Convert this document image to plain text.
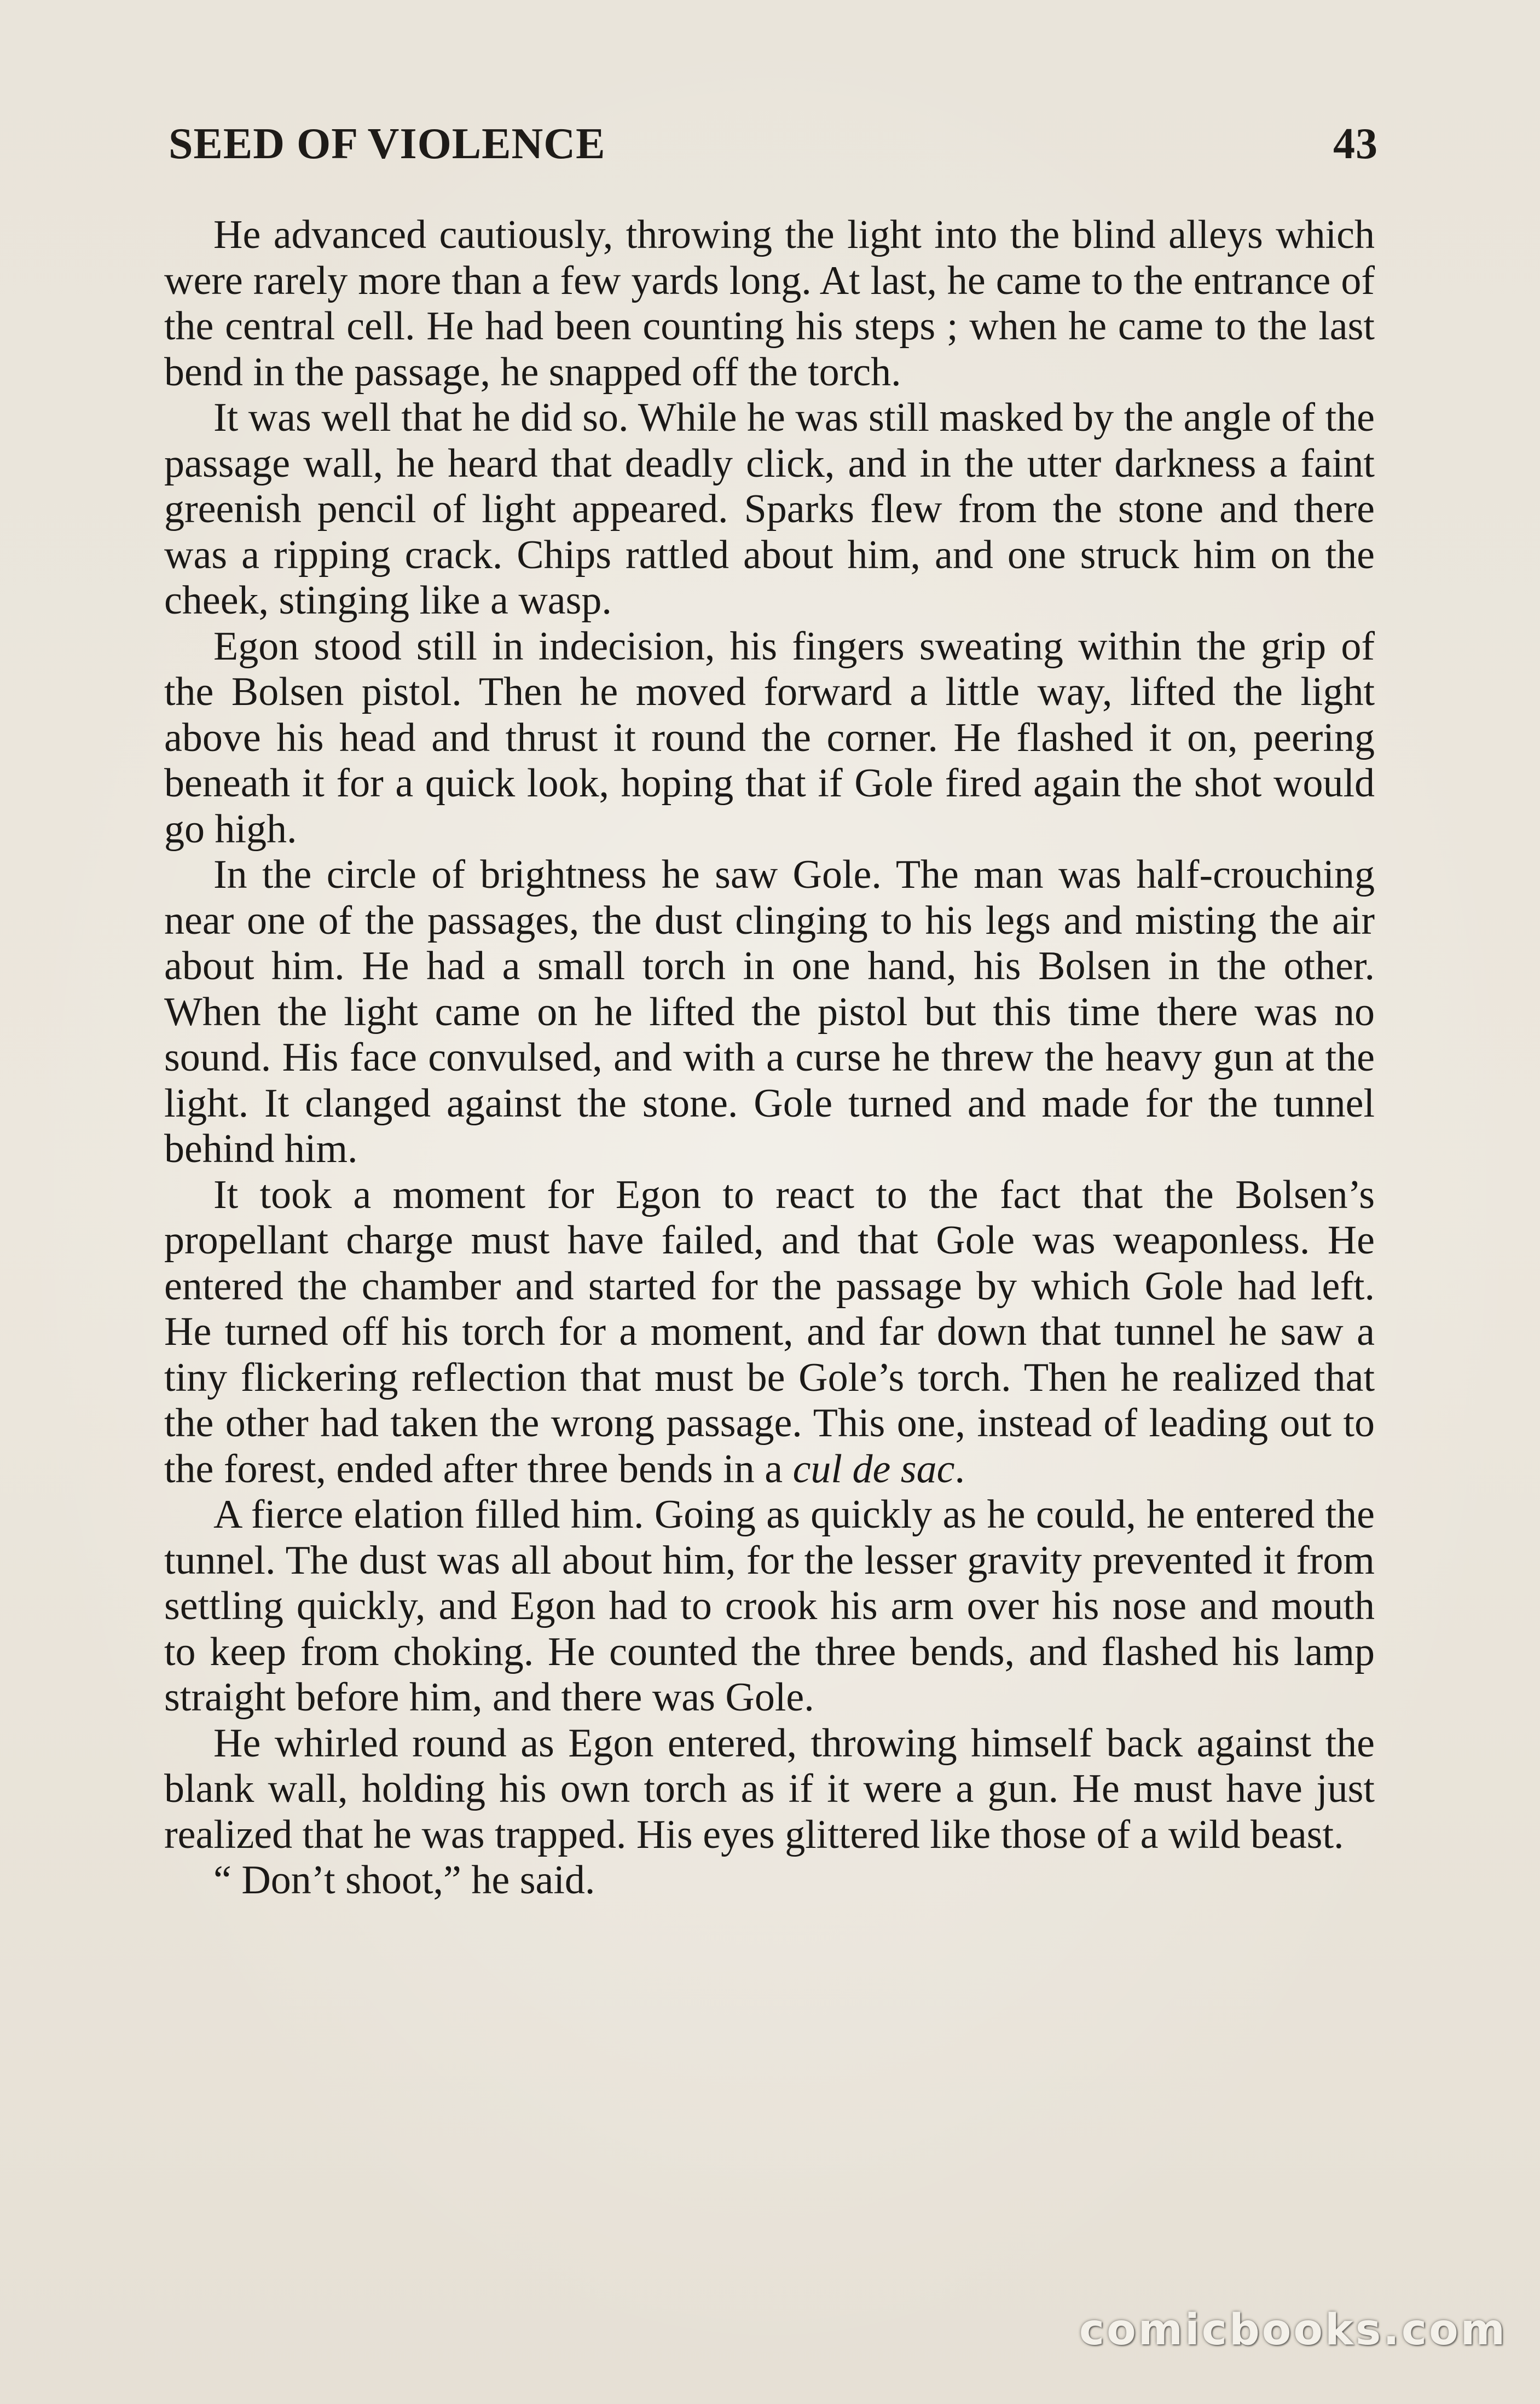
SEED OF VIOLENCE	43

He advanced cautiously, throwing the light into the blind alleys which were rarely more than a few yards long. At last, he came to the entrance of the central cell. He had been counting his steps ; when he came to the last bend in the passage, he snapped off the torch.

It was well that he did so. While he was still masked by the angle of the passage wall, he heard that deadly click, and in the utter darkness a faint greenish pencil of light appeared. Sparks flew from the stone and there was a ripping crack. Chips rattled about him, and one struck him on the cheek, stinging like a wasp.

Egon stood still in indecision, his fingers sweating within the grip of the Bolsen pistol. Then he moved forward a little way, lifted the light above his head and thrust it round the corner. He flashed it on, peering beneath it for a quick look, hoping that if Gole fired again the shot would go high.

In the circle of brightness he saw Gole. The man was half-crouching near one of the passages, the dust clinging to his legs and misting the air about him. He had a small torch in one hand, his Bolsen in the other. When the light came on he lifted the pistol but this time there was no sound. His face convulsed, and with a curse he threw the heavy gun at the light. It clanged against the stone. Gole turned and made for the tunnel behind him.

It took a moment for Egon to react to the fact that the Bolsen’s propellant charge must have failed, and that Gole was weaponless. He entered the chamber and started for the passage by which Gole had left. He turned off his torch for a moment, and far down that tunnel he saw a tiny flickering reflection that must be Gole’s torch. Then he realized that the other had taken the wrong passage. This one, instead of leading out to the forest, ended after three bends in a cul de sac.

A fierce elation filled him. Going as quickly as he could, he entered the tunnel. The dust was all about him, for the lesser gravity prevented it from settling quickly, and Egon had to crook his arm over his nose and mouth to keep from choking. He counted the three bends, and flashed his lamp straight before him, and there was Gole.

He whirled round as Egon entered, throwing himself back against the blank wall, holding his own torch as if it were a gun. He must have just realized that he was trapped. His eyes glittered like those of a wild beast.

“ Don’t shoot,” he said.

comicbooks.com
